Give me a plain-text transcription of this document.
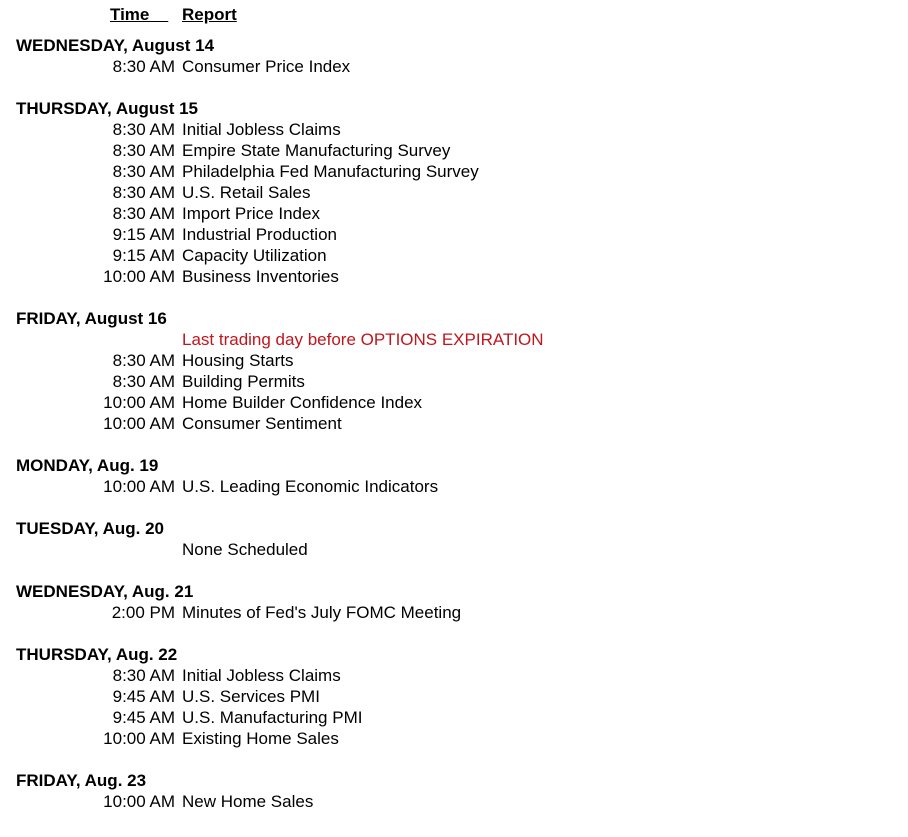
Time Report
WEDNESDAY, August 14
8:30 AM Consumer Price Index
THURSDAY, August 15
8:30 AM Initial Jobless Claims
8:30 AM Empire State Manufacturing Survey
8:30 AM Philadelphia Fed Manufacturing Survey
8:30 AM U.S. Retail Sales
8:30 AM Import Price Index
9:15 AM Industrial Production
9:15 AM Capacity Utilization
10:00 AM Business Inventories
FRIDAY, August 16
Last trading day before OPTIONS EXPIRATION
8:30 AM Housing Starts
8:30 AM Building Permits
10:00 AM Home Builder Confidence Index
10:00 AM Consumer Sentiment
MONDAY, Aug. 19
10:00 AM U.S. Leading Economic Indicators
TUESDAY, Aug. 20
None Scheduled
WEDNESDAY, Aug. 21
2:00 PM Minutes of Fed's July FOMC Meeting
THURSDAY, Aug. 22
8:30 AM Initial Jobless Claims
9:45 AM U.S. Services PMI
9:45 AM U.S. Manufacturing PMI
10:00 AM Existing Home Sales
FRIDAY, Aug. 23
10:00 AM New Home Sales
